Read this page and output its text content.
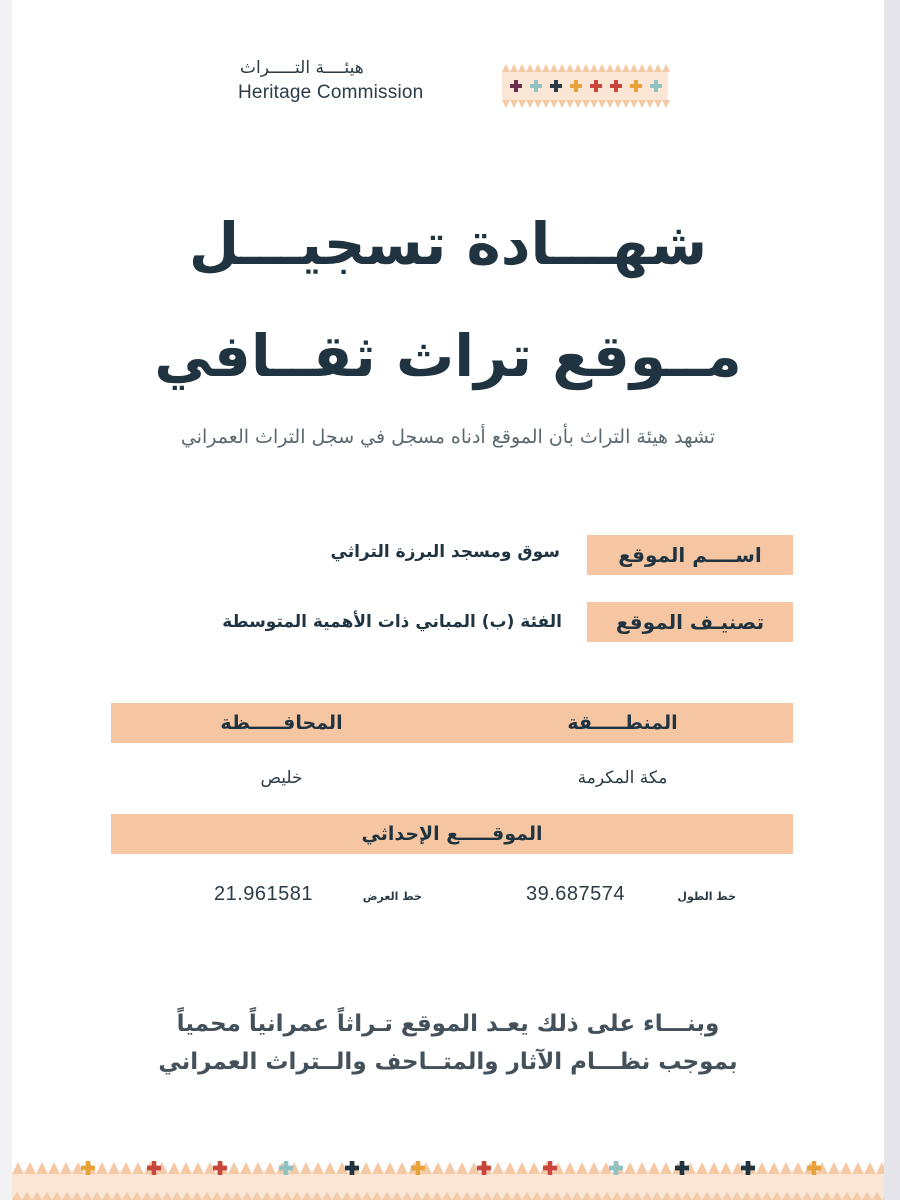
هيئــــة التـــــراث
Heritage Commission
شهـــادة تسجيـــل
مــوقع تراث ثقــافي
تشهد هيئة التراث بأن الموقع أدناه مسجل في سجل التراث العمراني
اســــم الموقع
سوق ومسجد البرزة التراثي
تصنيـف الموقع
الفئة (ب) المباني ذات الأهمية المتوسطة
المنطـــــقة
المحافـــــظة
مكة المكرمة
خليص
الموقـــــع الإحداثي
خط الطول
39.687574
خط العرض
21.961581
وبنـــاء على ذلك يعـد الموقع تـراثاً عمرانياً محمياً
بموجب نظـــام الآثار والمتــاحف والــتراث العمراني
